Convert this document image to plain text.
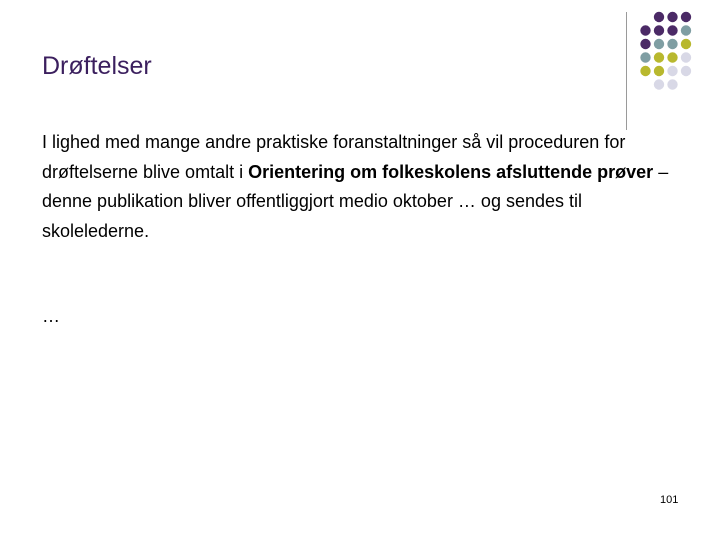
Drøftelser

I lighed med mange andre praktiske foranstaltninger så vil proceduren for drøftelserne blive omtalt i Orientering om folkeskolens afsluttende prøver – denne publikation bliver offentliggjort medio oktober … og sendes til skolelederne.

…
101
